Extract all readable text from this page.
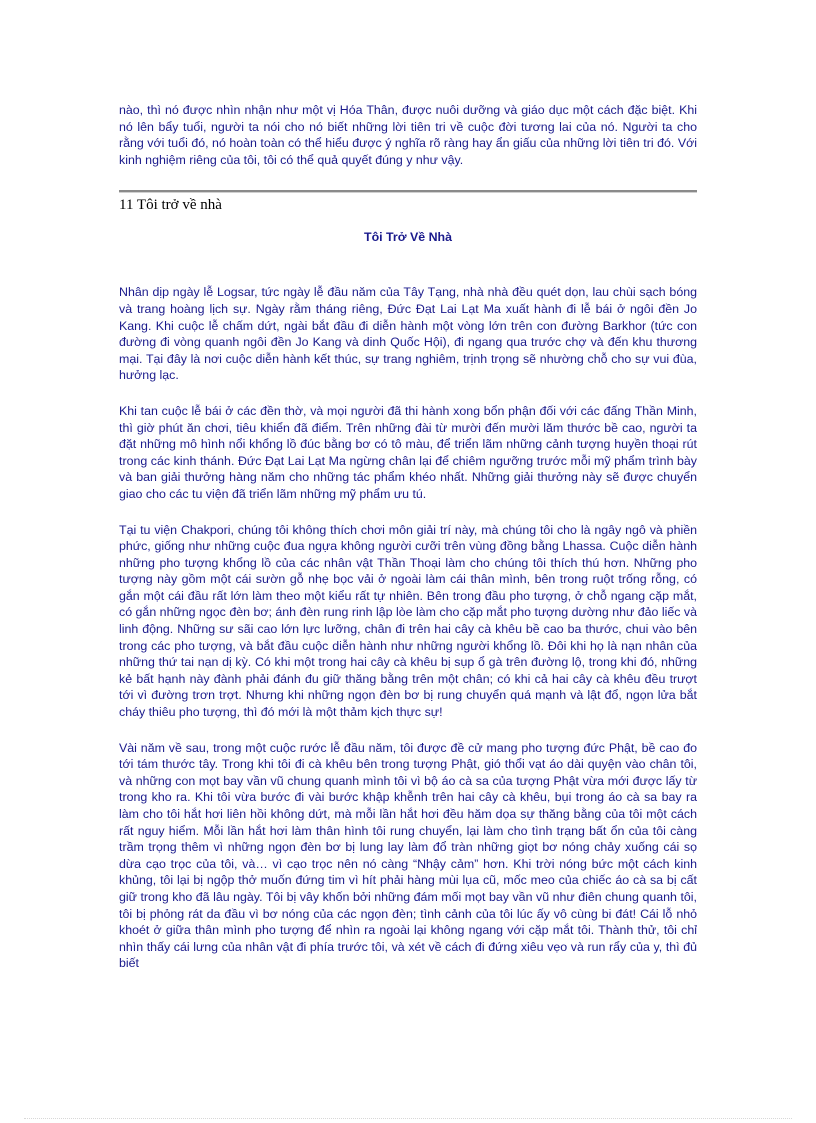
nào, thì nó được nhìn nhận như một vị Hóa Thân, được nuôi dưỡng và giáo dục một cách đặc biệt. Khi nó lên bẩy tuổi, người ta nói cho nó biết những lời tiên tri về cuộc đời tương lai của nó. Người ta cho rằng với tuổi đó, nó hoàn toàn có thể hiểu được ý nghĩa rõ ràng hay ẩn giấu của những lời tiên tri đó. Với kinh nghiệm riêng của tôi, tôi có thể quả quyết đúng y như vậy.

11 Tôi trở về nhà
Tôi Trở Về Nhà

Nhân dịp ngày lễ Logsar, tức ngày lễ đầu năm của Tây Tạng, nhà nhà đều quét dọn, lau chùi sạch bóng và trang hoàng lịch sự. Ngày rằm tháng riêng, Đức Đạt Lai Lạt Ma xuất hành đi lễ bái ở ngôi đền Jo Kang. Khi cuộc lễ chấm dứt, ngài bắt đầu đi diễn hành một vòng lớn trên con đường Barkhor (tức con đường đi vòng quanh ngôi đền Jo Kang và dinh Quốc Hội), đi ngang qua trước chợ và đến khu thương mại. Tại đây là nơi cuộc diễn hành kết thúc, sự trang nghiêm, trịnh trọng sẽ nhường chỗ cho sự vui đùa, hưởng lạc.

Khi tan cuộc lễ bái ở các đền thờ, và mọi người đã thi hành xong bổn phận đối với các đấng Thần Minh, thì giờ phút ăn chơi, tiêu khiển đã điểm. Trên những đài từ mười đến mười lăm thước bề cao, người ta đặt những mô hình nổi khổng lồ đúc bằng bơ có tô màu, để triển lãm những cảnh tượng huyền thoại rút trong các kinh thánh. Đức Đạt Lai Lạt Ma ngừng chân lại để chiêm ngưỡng trước mỗi mỹ phẩm trình bày và ban giải thưởng hàng năm cho những tác phẩm khéo nhất. Những giải thưởng này sẽ được chuyển giao cho các tu viện đã triển lãm những mỹ phẩm ưu tú.

Tại tu viện Chakpori, chúng tôi không thích chơi môn giải trí này, mà chúng tôi cho là ngây ngô và phiền phức, giống như những cuộc đua ngựa không người cưỡi trên vùng đồng bằng Lhassa. Cuộc diễn hành những pho tượng khổng lồ của các nhân vật Thần Thoại làm cho chúng tôi thích thú hơn. Những pho tượng này gồm một cái sườn gỗ nhẹ bọc vải ở ngoài làm cái thân mình, bên trong ruột trống rỗng, có gắn một cái đầu rất lớn làm theo một kiểu rất tự nhiên. Bên trong đầu pho tượng, ở chỗ ngang cặp mắt, có gắn những ngọc đèn bơ; ánh đèn rung rinh lập lòe làm cho cặp mắt pho tượng dường như đảo liếc và linh động. Những sư sãi cao lớn lực lưỡng, chân đi trên hai cây cà khêu bề cao ba thước, chui vào bên trong các pho tượng, và bắt đầu cuộc diễn hành như những người khổng lồ. Đôi khi họ là nạn nhân của những thứ tai nạn dị kỳ. Có khi một trong hai cây cà khêu bị sụp ổ gà trên đường lộ, trong khi đó, những kẻ bất hạnh này đành phải đánh đu giữ thăng bằng trên một chân; có khi cả hai cây cà khêu đều trượt tới vì đường trơn trợt. Nhưng khi những ngọn đèn bơ bị rung chuyển quá mạnh và lật đổ, ngọn lửa bắt cháy thiêu pho tượng, thì đó mới là một thảm kịch thực sự!

Vài năm về sau, trong một cuộc rước lễ đầu năm, tôi được đề cử mang pho tượng đức Phật, bề cao đo tới tám thước tây. Trong khi tôi đi cà khêu bên trong tượng Phật, gió thổi vạt áo dài quyện vào chân tôi, và những con mọt bay vần vũ chung quanh mình tôi vì bộ áo cà sa của tượng Phật vừa mới được lấy từ trong kho ra. Khi tôi vừa bước đi vài bước khập khễnh trên hai cây cà khêu, bụi trong áo cà sa bay ra làm cho tôi hắt hơi liên hồi không dứt, mà mỗi lần hắt hơi đều hăm dọa sự thăng bằng của tôi một cách rất nguy hiểm. Mỗi lần hắt hơi làm thân hình tôi rung chuyển, lại làm cho tình trạng bất ổn của tôi càng trầm trọng thêm vì những ngọn đèn bơ bị lung lay làm đổ tràn những giọt bơ nóng chảy xuống cái sọ dừa cạo trọc của tôi, và… vì cạo trọc nên nó càng “Nhậy cảm” hơn. Khi trời nóng bức một cách kinh khủng, tôi lại bị ngộp thở muốn đứng tim vì hít phải hàng mùi lụa cũ, mốc meo của chiếc áo cà sa bị cất giữ trong kho đã lâu ngày. Tôi bị vây khốn bởi những đám mối mọt bay vần vũ như điên chung quanh tôi, tôi bị phỏng rát da đầu vì bơ nóng của các ngọn đèn; tình cảnh của tôi lúc ấy vô cùng bi đát! Cái lỗ nhỏ khoét ở giữa thân mình pho tượng để nhìn ra ngoài lại không ngang với cặp mắt tôi. Thành thử, tôi chỉ nhìn thấy cái lưng của nhân vật đi phía trước tôi, và xét về cách đi đứng xiêu vẹo và run rẩy của y, thì đủ biết
